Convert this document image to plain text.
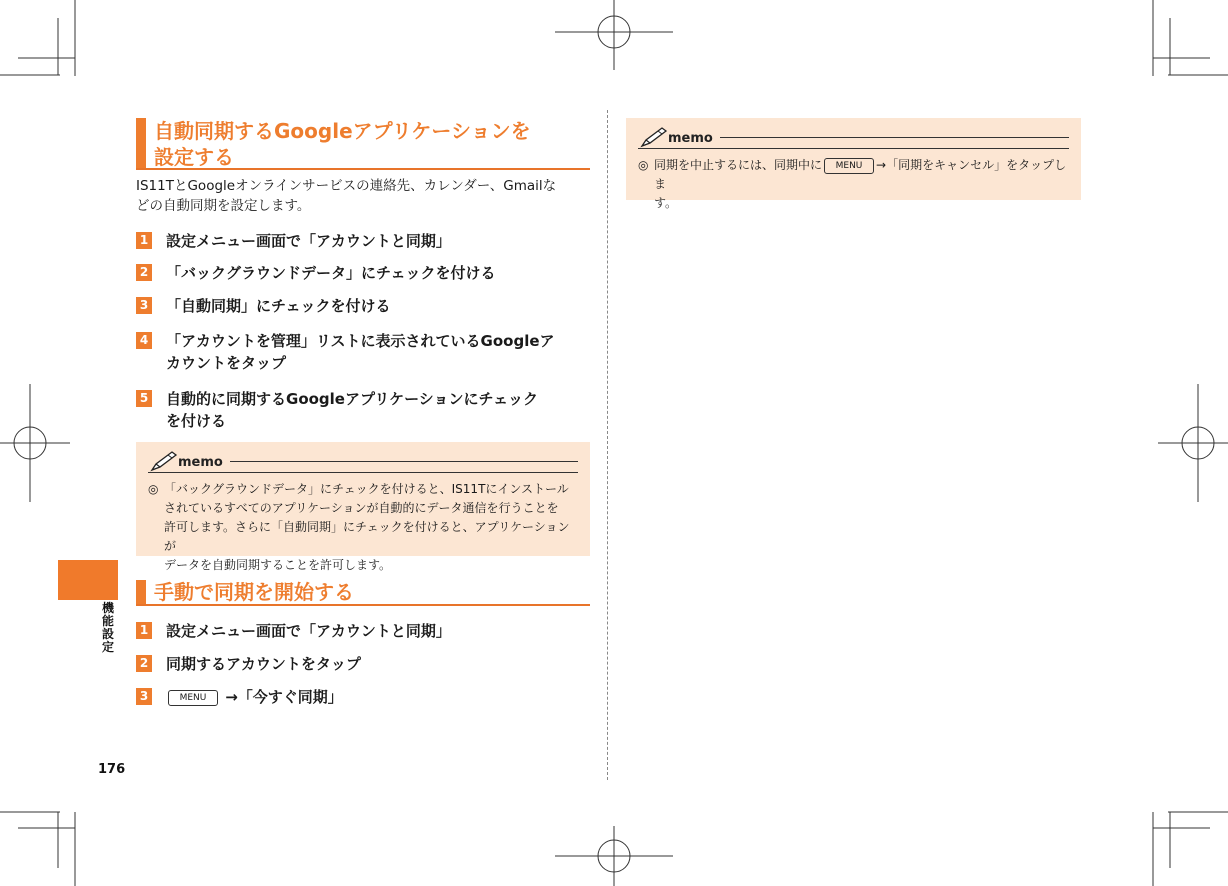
自動同期するGoogleアプリケーションを
設定する
IS11TとGoogleオンラインサービスの連絡先、カレンダー、Gmailな
どの自動同期を設定します。
1 設定メニュー画面で「アカウントと同期」
2 「バックグラウンドデータ」にチェックを付ける
3 「自動同期」にチェックを付ける
4 「アカウントを管理」リストに表示されているGoogleア
カウントをタップ
5 自動的に同期するGoogleアプリケーションにチェック
を付ける
memo
◎ 「バックグラウンドデータ」にチェックを付けると、IS11Tにインストール
されているすべてのアプリケーションが自動的にデータ通信を行うことを
許可します。さらに「自動同期」にチェックを付けると、アプリケーションが
データを自動同期することを許可します。
手動で同期を開始する
1 設定メニュー画面で「アカウントと同期」
2 同期するアカウントをタップ
3	MENU →「今すぐ同期」
memo
◎ 同期を中止するには、同期中に MENU →「同期をキャンセル」をタップしま
す。
機能設定
176
